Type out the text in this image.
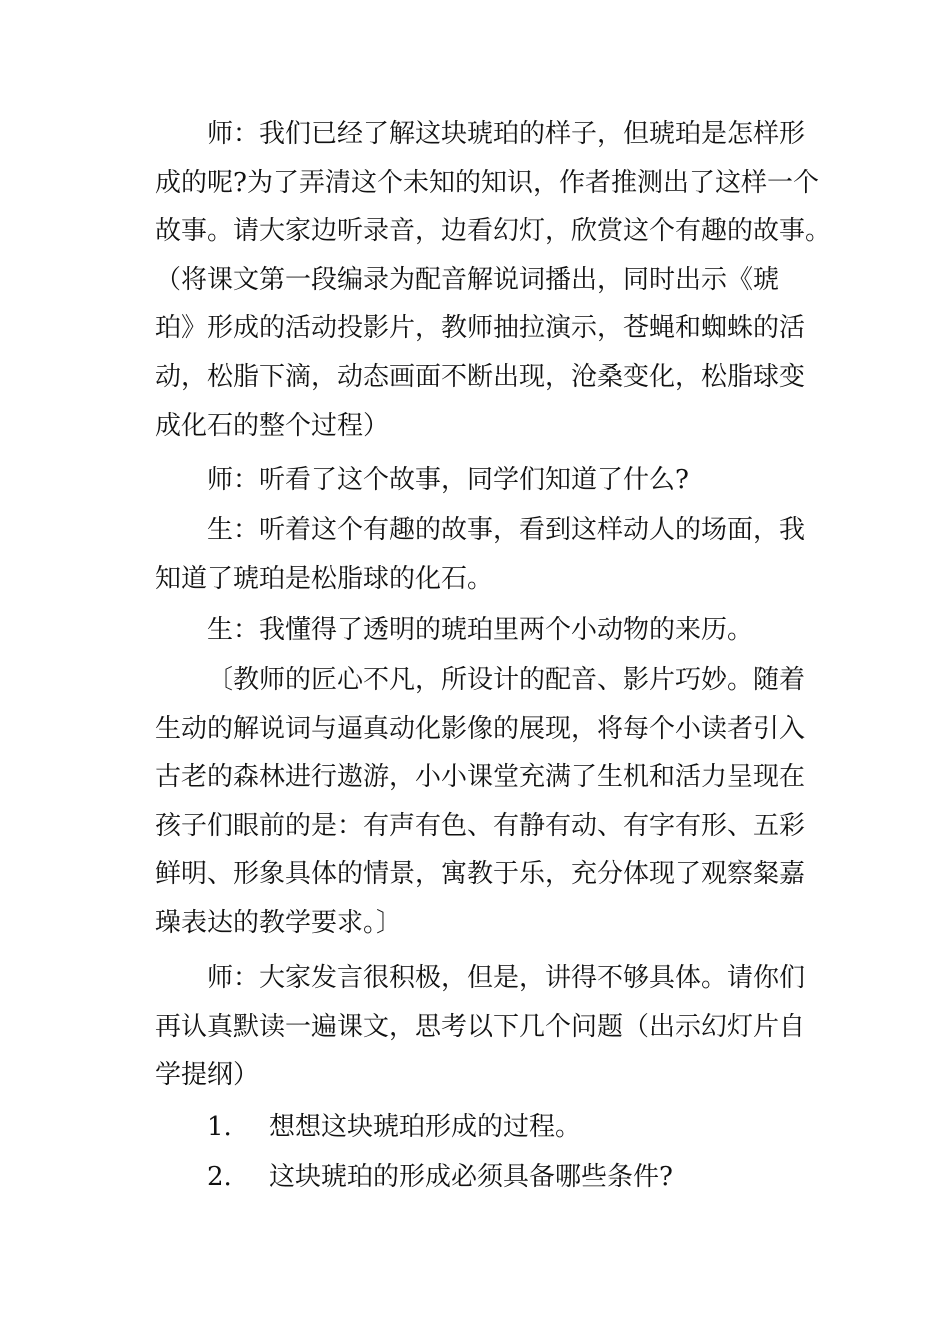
师：我们已经了解这块琥珀的样子，但琥珀是怎样形
成的呢?为了弄清这个未知的知识，作者推测出了这样一个
故事。请大家边听录音，边看幻灯，欣赏这个有趣的故事。
（将课文第一段编录为配音解说词播出，同时出示《琥
珀》形成的活动投影片，教师抽拉演示，苍蝇和蜘蛛的活
动，松脂下滴，动态画面不断出现，沧桑变化，松脂球变
成化石的整个过程）
师：听看了这个故事，同学们知道了什么?
生：听着这个有趣的故事，看到这样动人的场面，我
知道了琥珀是松脂球的化石。
生：我懂得了透明的琥珀里两个小动物的来历。
〔教师的匠心不凡，所设计的配音、影片巧妙。随着
生动的解说词与逼真动化影像的展现，将每个小读者引入
古老的森林进行遨游，小小课堂充满了生机和活力呈现在
孩子们眼前的是：有声有色、有静有动、有字有形、五彩
鲜明、形象具体的情景，寓教于乐，充分体现了观察粲嘉
璪表达的教学要求。〕
师：大家发言很积极，但是，讲得不够具体。请你们
再认真默读一遍课文，思考以下几个问题（出示幻灯片自
学提纲）
1. 想想这块琥珀形成的过程。
2. 这块琥珀的形成必须具备哪些条件?
